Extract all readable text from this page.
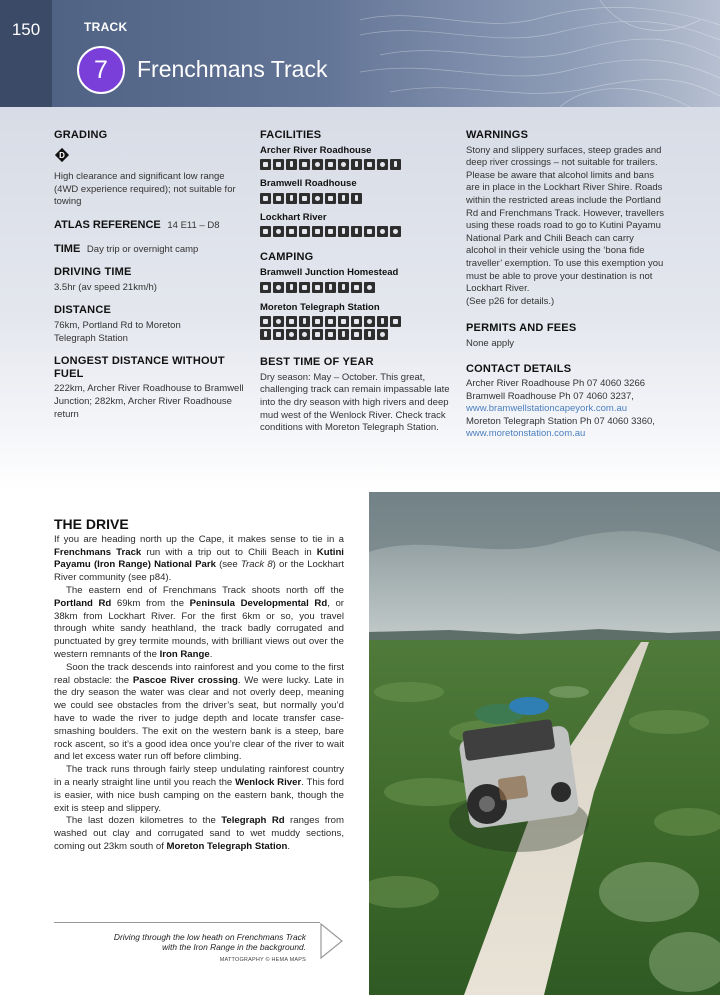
150	TRACK
7	Frenchmans Track
GRADING
D
High clearance and significant low range (4WD experience required); not suitable for towing
ATLAS REFERENCE 14 E11 – D8
TIME Day trip or overnight camp
DRIVING TIME
3.5hr (av speed 21km/h)
DISTANCE
76km, Portland Rd to Moreton Telegraph Station
LONGEST DISTANCE WITHOUT FUEL
222km, Archer River Roadhouse to Bramwell Junction; 282km, Archer River Roadhouse return
FACILITIES
Archer River Roadhouse
Bramwell Roadhouse
Lockhart River
CAMPING
Bramwell Junction Homestead
Moreton Telegraph Station
BEST TIME OF YEAR
Dry season: May – October. This great, challenging track can remain impassable late into the dry season with high rivers and deep mud west of the Wenlock River. Check track conditions with Moreton Telegraph Station.
WARNINGS
Stony and slippery surfaces, steep grades and deep river crossings – not suitable for trailers. Please be aware that alcohol limits and bans are in place in the Lockhart River Shire. Roads within the restricted areas include the Portland Rd and Frenchmans Track. However, travellers using these roads road to go to Kutini Payamu National Park and Chili Beach can carry alcohol in their vehicle using the ‘bona fide traveller’ exemption. To use this exemption you must be able to prove your destination is not Lockhart River.
(See p26 for details.)
PERMITS AND FEES
None apply
CONTACT DETAILS
Archer River Roadhouse Ph 07 4060 3266
Bramwell Roadhouse Ph 07 4060 3237,
www.bramwellstationcapeyork.com.au
Moreton Telegraph Station Ph 07 4060 3360,
www.moretonstation.com.au
THE DRIVE

If you are heading north up the Cape, it makes sense to tie in a Frenchmans Track run with a trip out to Chili Beach in Kutini Payamu (Iron Range) National Park (see Track 8) or the Lockhart River community (see p84).

The eastern end of Frenchmans Track shoots north off the Portland Rd 69km from the Peninsula Developmental Rd, or 38km from Lockhart River. For the first 6km or so, you travel through white sandy heathland, the track badly corrugated and punctuated by grey termite mounds, with brilliant views out over the western remnants of the Iron Range.

Soon the track descends into rainforest and you come to the first real obstacle: the Pascoe River crossing. We were lucky. Late in the dry season the water was clear and not overly deep, meaning we could see obstacles from the driver’s seat, but normally you’d have to wade the river to judge depth and locate transfer case-smashing boulders. The exit on the western bank is a steep, bare rock ascent, so it’s a good idea once you’re clear of the river to wait and let excess water run off before climbing.

The track runs through fairly steep undulating rainforest country in a nearly straight line until you reach the Wenlock River. This ford is easier, with nice bush camping on the eastern bank, though the exit is steep and slippery.

The last dozen kilometres to the Telegraph Rd ranges from washed out clay and corrugated sand to wet muddy sections, coming out 23km south of Moreton Telegraph Station.

Driving through the low heath on Frenchmans Track with the Iron Range in the background.
MATTOGRAPHY © HEMA MAPS
